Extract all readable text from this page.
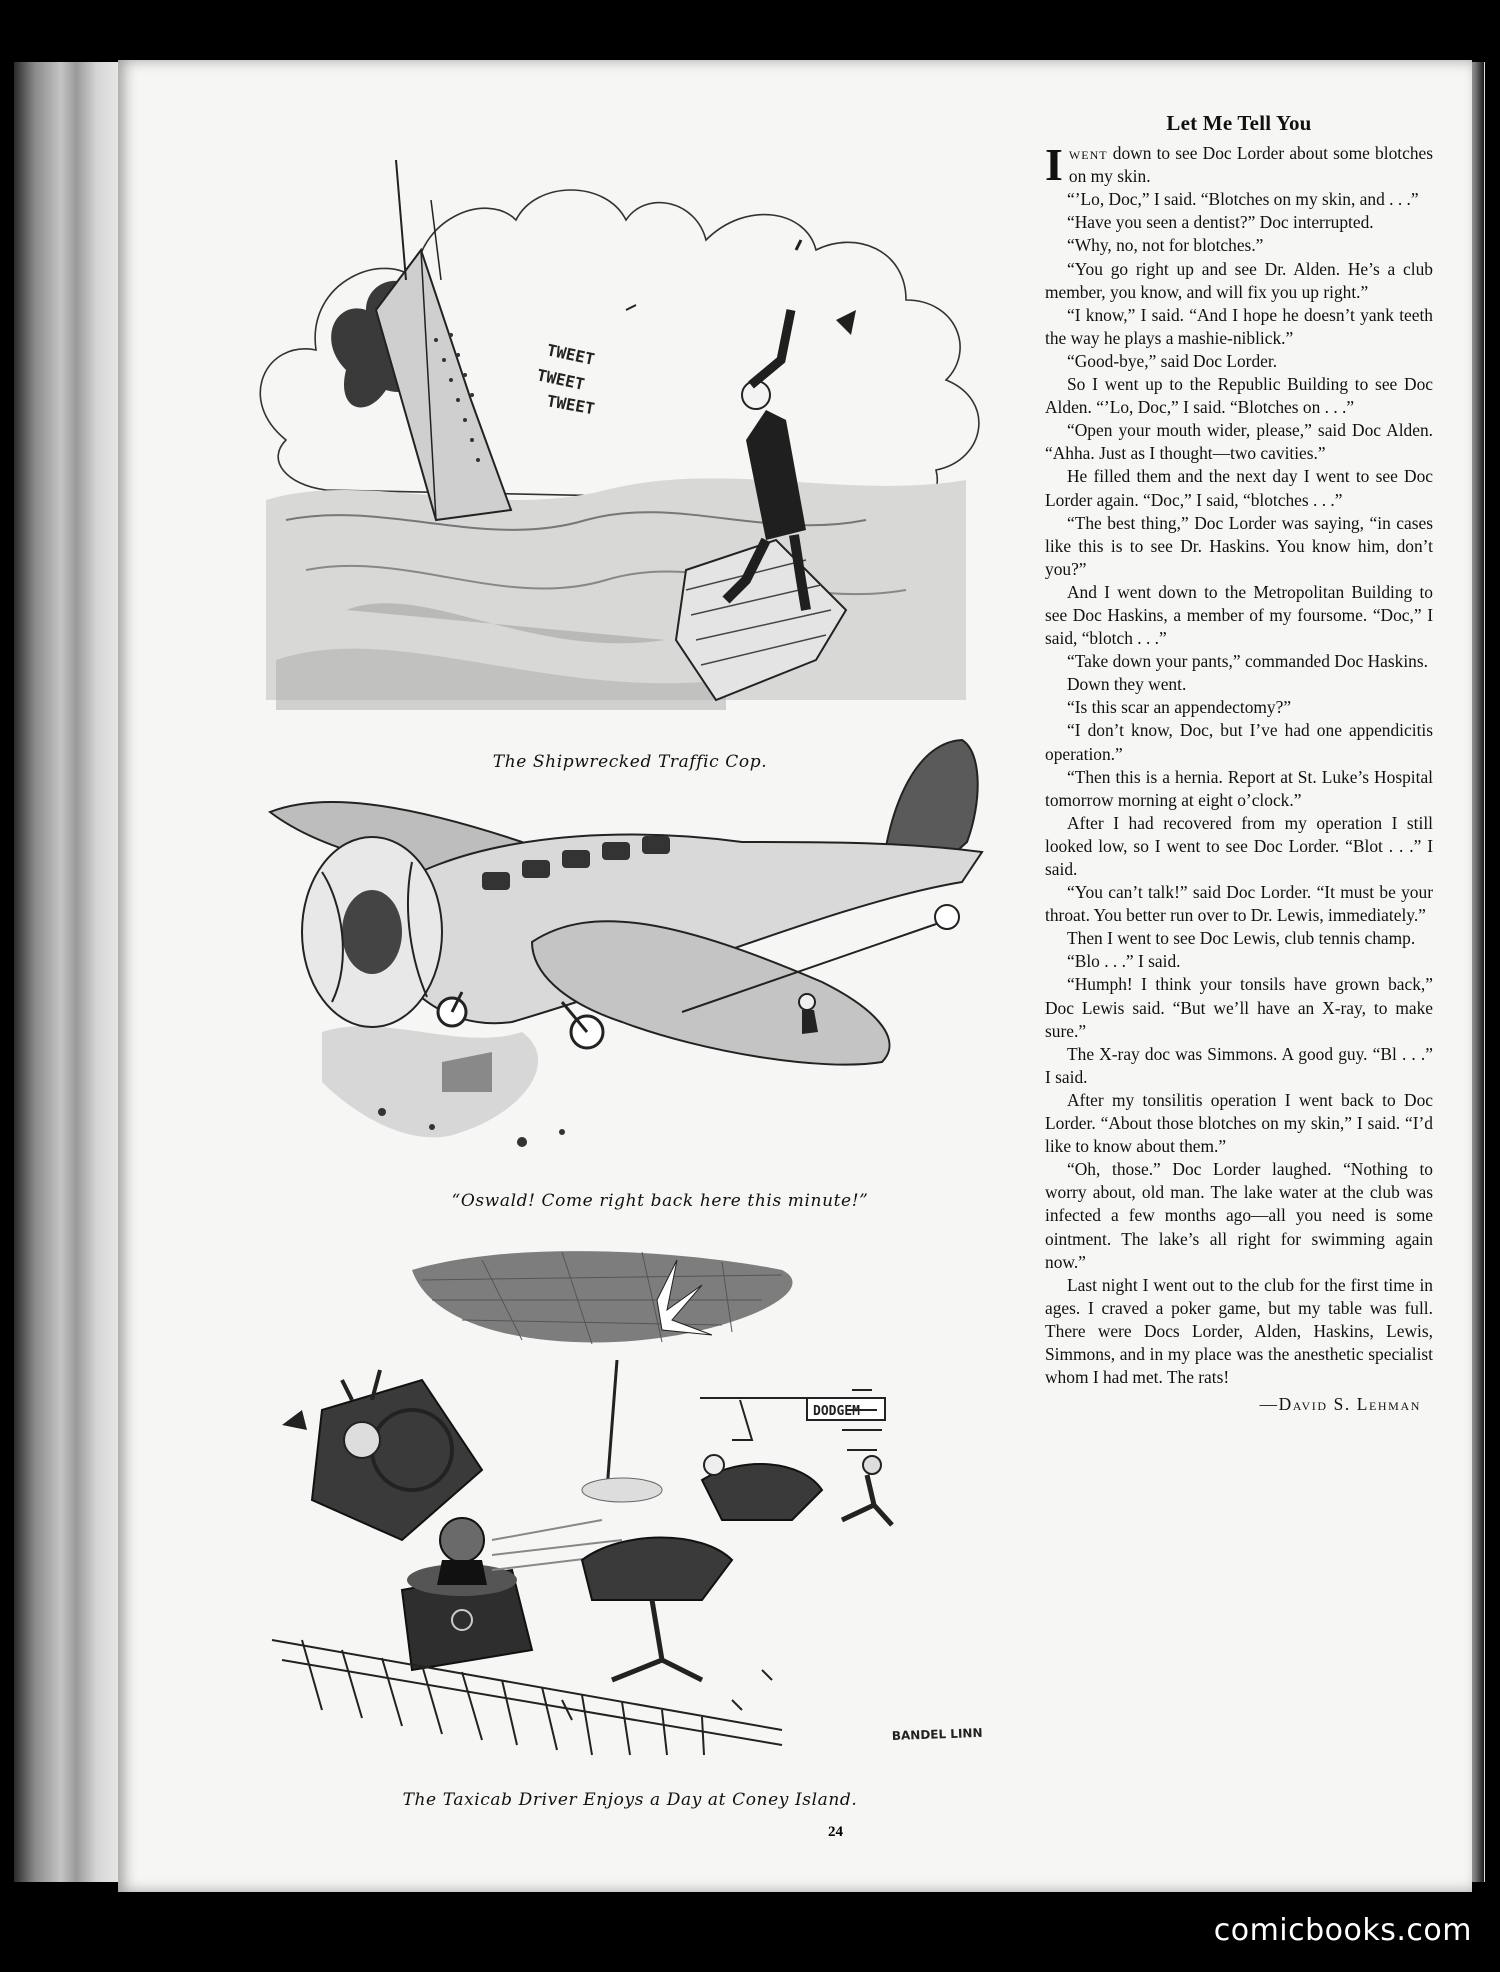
TWEET
TWEET
TWEET
The Shipwrecked Traffic Cop.
“Oswald! Come right back here this minute!”
DODGEM
BANDEL LINN
The Taxicab Driver Enjoys a Day at Coney Island.
Let Me Tell You

Iwent down to see Doc Lorder about some blotches on my skin.

“’Lo, Doc,” I said. “Blotches on my skin, and . . .”

“Have you seen a dentist?” Doc interrupted.

“Why, no, not for blotches.”

“You go right up and see Dr. Alden. He’s a club member, you know, and will fix you up right.”

“I know,” I said. “And I hope he doesn’t yank teeth the way he plays a mashie-niblick.”

“Good-bye,” said Doc Lorder.

So I went up to the Republic Building to see Doc Alden. “’Lo, Doc,” I said. “Blotches on . . .”

“Open your mouth wider, please,” said Doc Alden. “Ahha. Just as I thought—two cavities.”

He filled them and the next day I went to see Doc Lorder again. “Doc,” I said, “blotches . . .”

“The best thing,” Doc Lorder was saying, “in cases like this is to see Dr. Haskins. You know him, don’t you?”

And I went down to the Metropolitan Building to see Doc Haskins, a member of my foursome. “Doc,” I said, “blotch . . .”

“Take down your pants,” commanded Doc Haskins.

Down they went.

“Is this scar an appendectomy?”

“I don’t know, Doc, but I’ve had one appendicitis operation.”

“Then this is a hernia. Report at St. Luke’s Hospital tomorrow morning at eight o’clock.”

After I had recovered from my operation I still looked low, so I went to see Doc Lorder. “Blot . . .” I said.

“You can’t talk!” said Doc Lorder. “It must be your throat. You better run over to Dr. Lewis, immediately.”

Then I went to see Doc Lewis, club tennis champ.

“Blo . . .” I said.

“Humph! I think your tonsils have grown back,” Doc Lewis said. “But we’ll have an X-ray, to make sure.”

The X-ray doc was Simmons. A good guy. “Bl . . .” I said.

After my tonsilitis operation I went back to Doc Lorder. “About those blotches on my skin,” I said. “I’d like to know about them.”

“Oh, those.” Doc Lorder laughed. “Nothing to worry about, old man. The lake water at the club was infected a few months ago—all you need is some ointment. The lake’s all right for swimming again now.”

Last night I went out to the club for the first time in ages. I craved a poker game, but my table was full. There were Docs Lorder, Alden, Haskins, Lewis, Simmons, and in my place was the anesthetic specialist whom I had met. The rats!

—David S. Lehman
24
comicbooks.com
